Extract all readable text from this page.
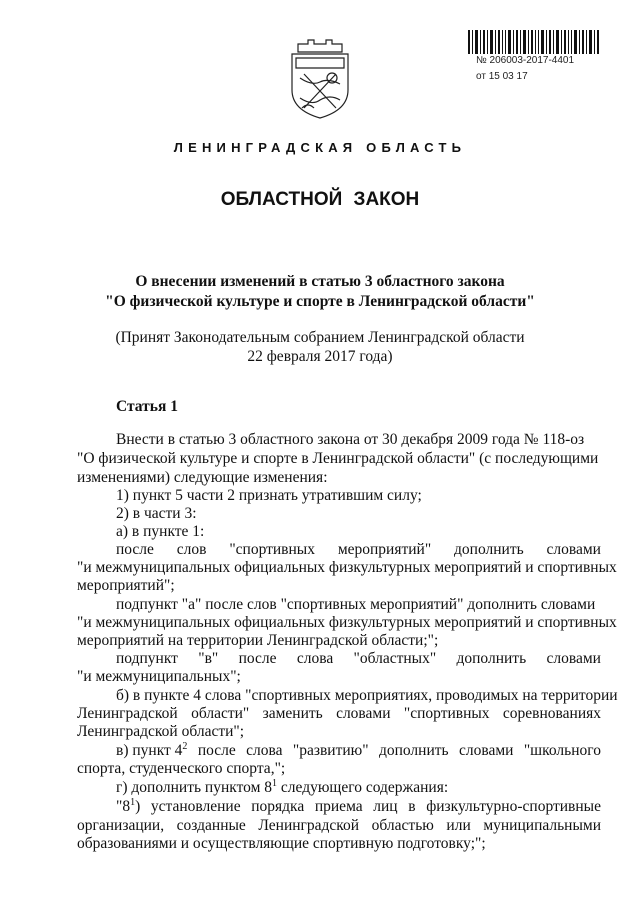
№ 206003-2017-4401
от 15 03 17
ЛЕНИНГРАДСКАЯ ОБЛАСТЬ
ОБЛАСТНОЙ ЗАКОН
О внесении изменений в статью 3 областного закона
"О физической культуре и спорте в Ленинградской области"
(Принят Законодательным собранием Ленинградской области
22 февраля 2017 года)
Статья 1
Внести в статью 3 областного закона от 30 декабря 2009 года № 118-оз
"О физической культуре и спорте в Ленинградской области" (с последующими
изменениями) следующие изменения:
1) пункт 5 части 2 признать утратившим силу;
2) в части 3:
а) в пункте 1:
после слов "спортивных мероприятий" дополнить словами
"и межмуниципальных официальных физкультурных мероприятий и спортивных
мероприятий";
подпункт "а" после слов "спортивных мероприятий" дополнить словами
"и межмуниципальных официальных физкультурных мероприятий и спортивных
мероприятий на территории Ленинградской области;";
подпункт "в" после слова "областных" дополнить словами
"и межмуниципальных";
б) в пункте 4 слова "спортивных мероприятиях, проводимых на территории
Ленинградской области" заменить словами "спортивных соревнованиях
Ленинградской области";
в) пункт $4^2$ после слова "развитию" дополнить словами "школьного
спорта, студенческого спорта,";
г) дополнить пунктом $8^1$ следующего содержания:
"$8^1$) установление порядка приема лиц в физкультурно-спортивные
организации, созданные Ленинградской областью или муниципальными
образованиями и осуществляющие спортивную подготовку;";
